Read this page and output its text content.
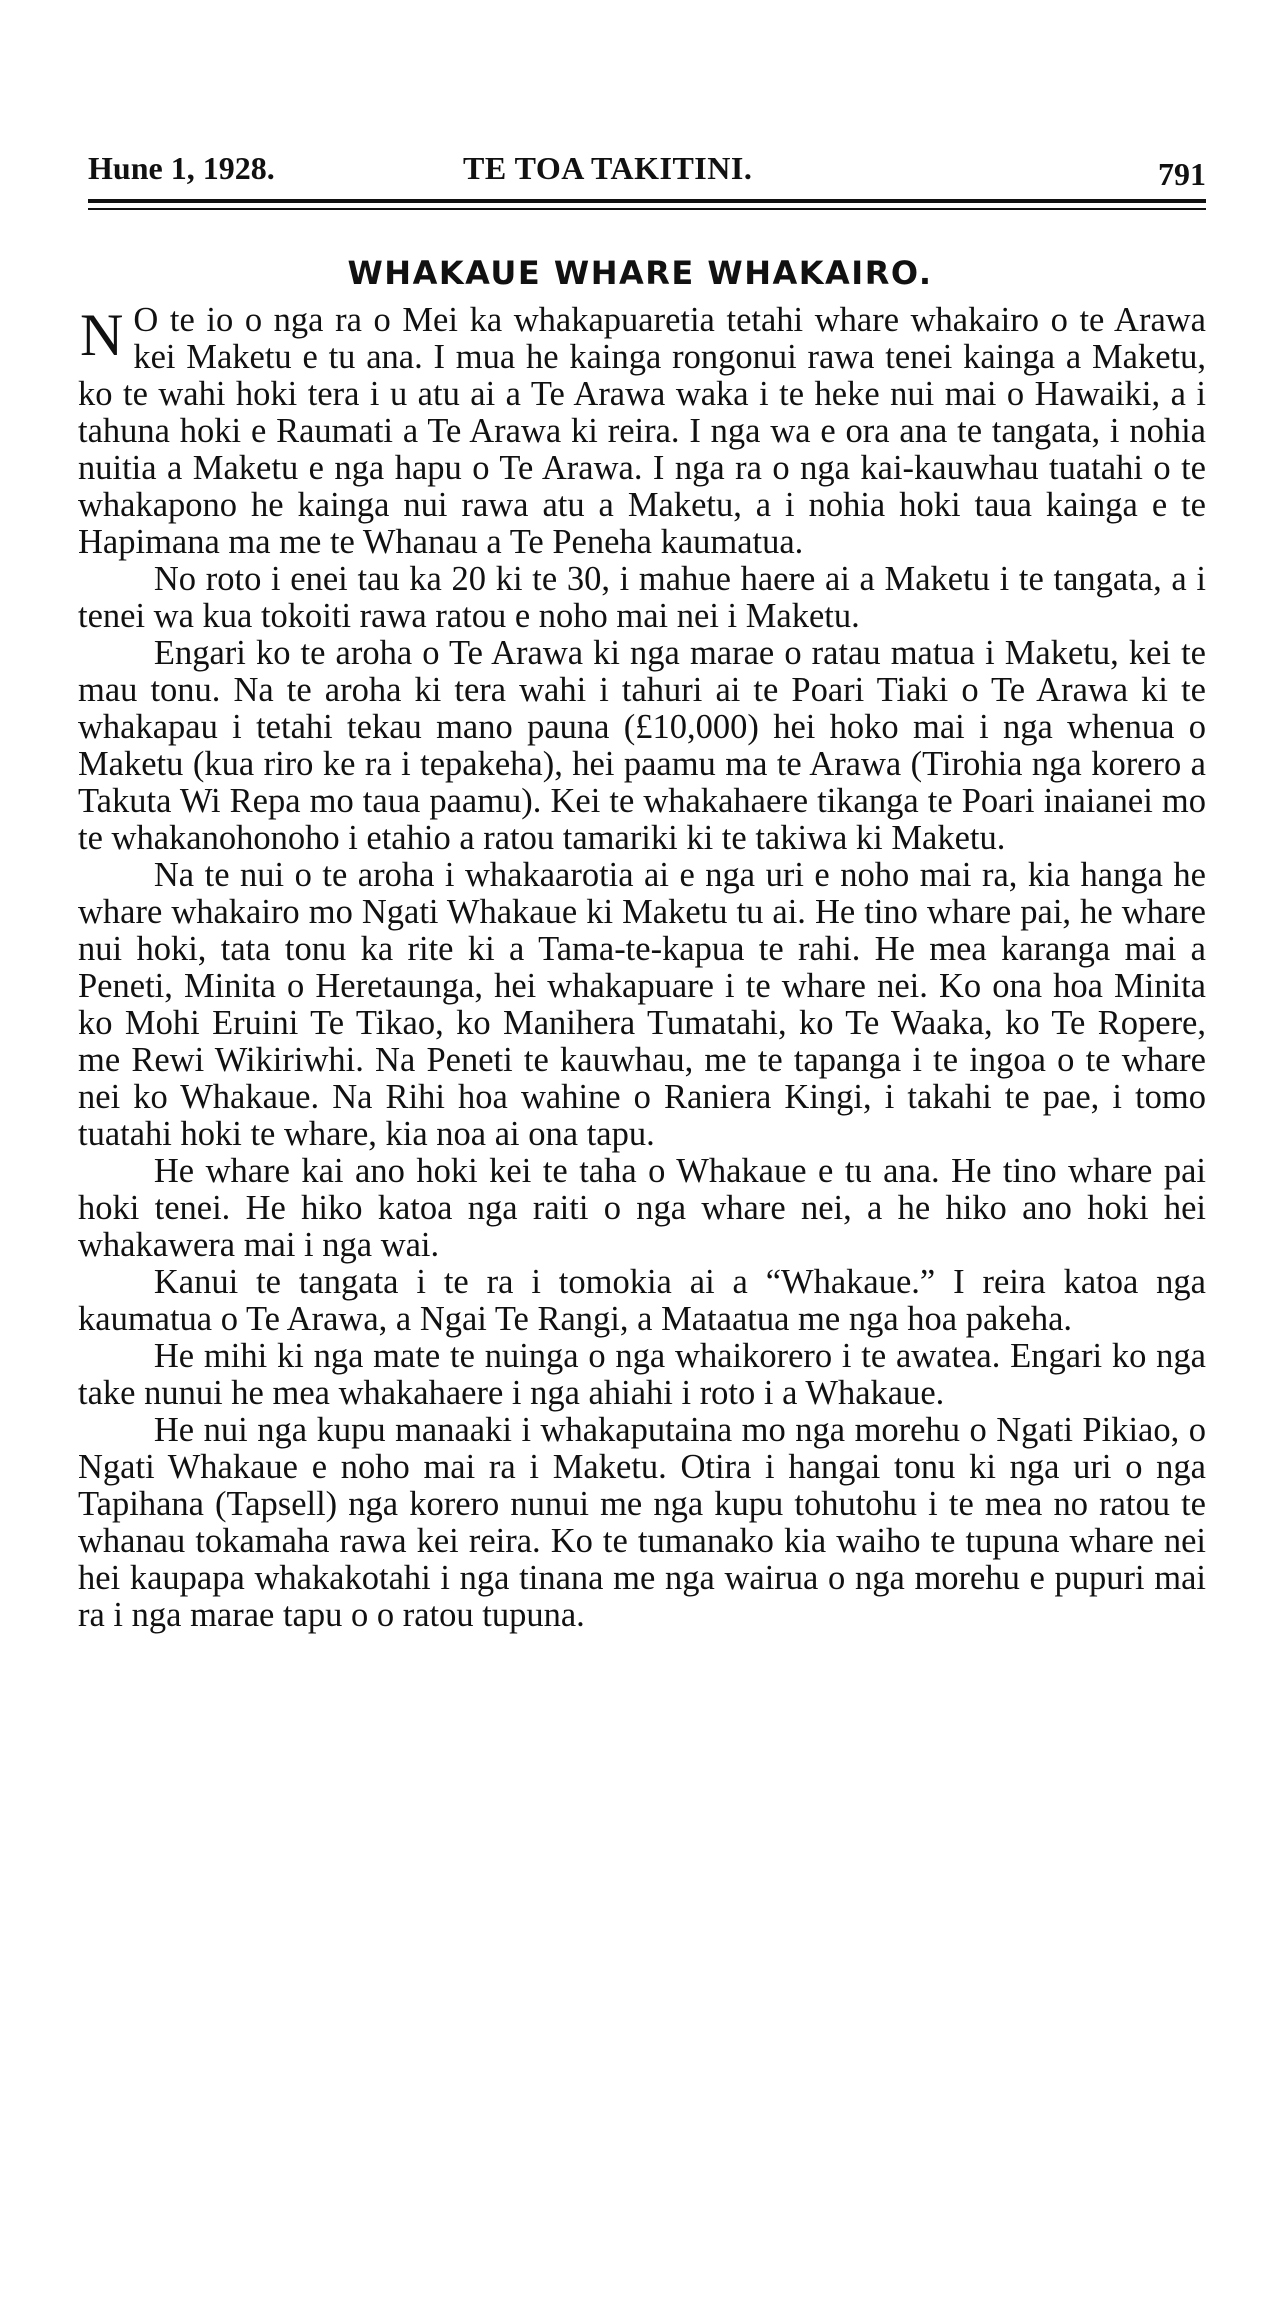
Hune 1, 1928.	TE TOA TAKITINI.	791
WHAKAUE WHARE WHAKAIRO.

N O te io o nga ra o Mei ka whakapuaretia tetahi whare whakairo o te Arawa kei Maketu e tu ana. I mua he kainga rongonui rawa tenei kainga a Maketu, ko te wahi hoki tera i u atu ai a Te Arawa waka i te heke nui mai o Hawaiki, a i tahuna hoki e Raumati a Te Arawa ki reira. I nga wa e ora ana te tangata, i nohia nuitia a Maketu e nga hapu o Te Arawa. I nga ra o nga kai-kauwhau tuatahi o te whakapono he kainga nui rawa atu a Maketu, a i nohia hoki taua kainga e te Hapimana ma me te Whanau a Te Peneha kaumatua.

No roto i enei tau ka 20 ki te 30, i mahue haere ai a Maketu i te tangata, a i tenei wa kua tokoiti rawa ratou e noho mai nei i Maketu.

Engari ko te aroha o Te Arawa ki nga marae o ratau matua i Maketu, kei te mau tonu. Na te aroha ki tera wahi i tahuri ai te Poari Tiaki o Te Arawa ki te whakapau i tetahi tekau mano pauna (£10,000) hei hoko mai i nga whenua o Maketu (kua riro ke ra i tepakeha), hei paamu ma te Arawa (Tirohia nga korero a Takuta Wi Repa mo taua paamu). Kei te whakahaere tikanga te Poari inaianei mo te whakanohonoho i etahio a ratou tamariki ki te takiwa ki Maketu.

Na te nui o te aroha i whakaarotia ai e nga uri e noho mai ra, kia hanga he whare whakairo mo Ngati Whakaue ki Maketu tu ai. He tino whare pai, he whare nui hoki, tata tonu ka rite ki a Tama-te-kapua te rahi. He mea karanga mai a Peneti, Minita o Heretaunga, hei whakapuare i te whare nei. Ko ona hoa Minita ko Mohi Eruini Te Tikao, ko Manihera Tumatahi, ko Te Waaka, ko Te Ropere, me Rewi Wikiriwhi. Na Peneti te kauwhau, me te tapanga i te ingoa o te whare nei ko Whakaue. Na Rihi hoa wahine o Raniera Kingi, i takahi te pae, i tomo tuatahi hoki te whare, kia noa ai ona tapu.

He whare kai ano hoki kei te taha o Whakaue e tu ana. He tino whare pai hoki tenei. He hiko katoa nga raiti o nga whare nei, a he hiko ano hoki hei whakawera mai i nga wai.

Kanui te tangata i te ra i tomokia ai a “Whakaue.” I reira katoa nga kaumatua o Te Arawa, a Ngai Te Rangi, a Mataatua me nga hoa pakeha.

He mihi ki nga mate te nuinga o nga whaikorero i te awatea. Engari ko nga take nunui he mea whakahaere i nga ahiahi i roto i a Whakaue.

He nui nga kupu manaaki i whakaputaina mo nga morehu o Ngati Pikiao, o Ngati Whakaue e noho mai ra i Maketu. Otira i hangai tonu ki nga uri o nga Tapihana (Tapsell) nga korero nunui me nga kupu tohutohu i te mea no ratou te whanau tokamaha rawa kei reira. Ko te tumanako kia waiho te tupuna whare nei hei kaupapa whakakotahi i nga tinana me nga wairua o nga morehu e pupuri mai ra i nga marae tapu o o ratou tupuna.
